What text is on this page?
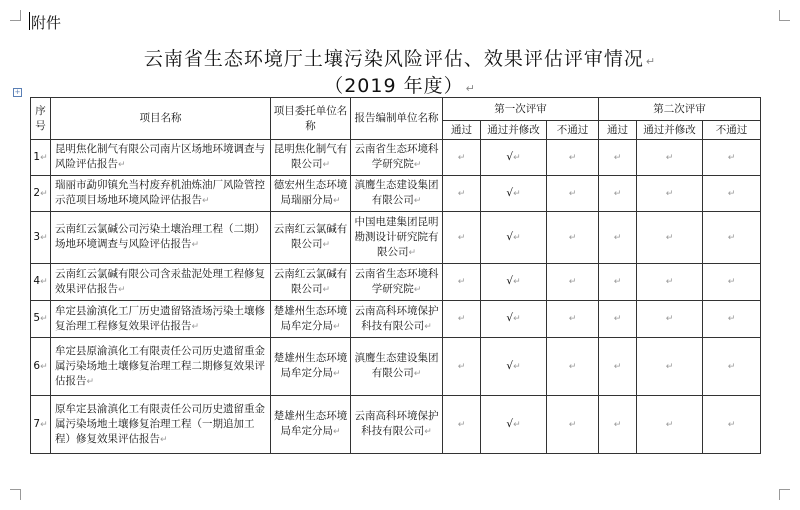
附件
云南省生态环境厅土壤污染风险评估、效果评估评审情况 ↵
（2019 年度） ↵
+
序号	项目名称	项目委托单位名称	报告编制单位名称	第一次评审			第二次评审		
				通过	通过并修改	不通过	通过	通过并修改	不通过
1↵	昆明焦化制气有限公司南片区场地环境调查与风险评估报告↵	昆明焦化制气有限公司↵	云南省生态环境科学研究院↵	↵	√↵	↵	↵	↵	↵
2↵	瑞丽市勐卯镇允当村废弃机油炼油厂风险管控示范项目场地环境风险评估报告↵	德宏州生态环境局瑞丽分局↵	滇鹰生态建设集团有限公司↵	↵	√↵	↵	↵	↵	↵
3↵	云南红云氯碱公司污染土壤治理工程（二期）场地环境调查与风险评估报告↵	云南红云氯碱有限公司↵	中国电建集团昆明勘测设计研究院有限公司↵	↵	√↵	↵	↵	↵	↵
4↵	云南红云氯碱有限公司含汞盐泥处理工程修复效果评估报告↵	云南红云氯碱有限公司↵	云南省生态环境科学研究院↵	↵	√↵	↵	↵	↵	↵
5↵	牟定县渝滇化工厂历史遗留铬渣场污染土壤修复治理工程修复效果评估报告↵	楚雄州生态环境局牟定分局↵	云南高科环境保护科技有限公司↵	↵	√↵	↵	↵	↵	↵
6↵	牟定县原渝滇化工有限责任公司历史遗留重金属污染场地土壤修复治理工程二期修复效果评估报告↵	楚雄州生态环境局牟定分局↵	滇鹰生态建设集团有限公司↵	↵	√↵	↵	↵	↵	↵
7↵	原牟定县渝滇化工有限责任公司历史遗留重金属污染场地土壤修复治理工程（一期追加工程）修复效果评估报告↵	楚雄州生态环境局牟定分局↵	云南高科环境保护科技有限公司↵	↵	√↵	↵	↵	↵	↵
